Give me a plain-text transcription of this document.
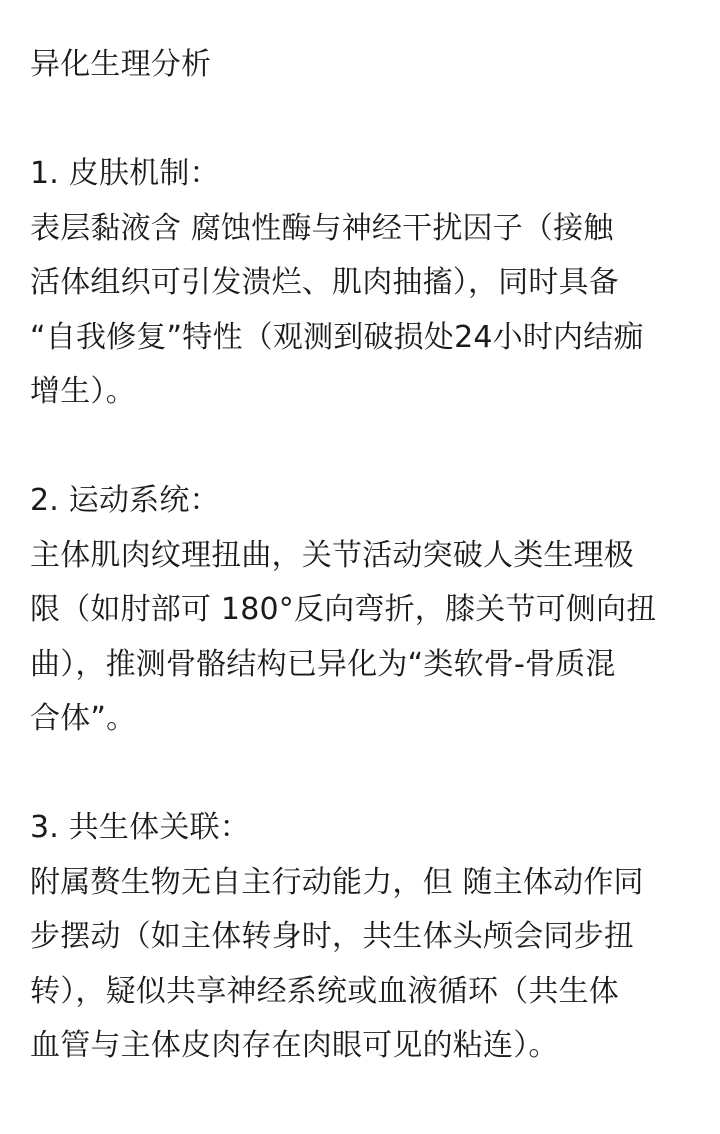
异化生理分析
1. 皮肤机制：
表层黏液含 腐蚀性酶与神经干扰因子（接触
活体组织可引发溃烂、肌肉抽搐），同时具备
“自我修复”特性（观测到破损处24小时内结痂
增生）。
2. 运动系统：
主体肌肉纹理扭曲，关节活动突破人类生理极
限（如肘部可 180°反向弯折，膝关节可侧向扭
曲），推测骨骼结构已异化为“类软骨-骨质混
合体”。
3. 共生体关联：
附属赘生物无自主行动能力，但 随主体动作同
步摆动（如主体转身时，共生体头颅会同步扭
转），疑似共享神经系统或血液循环（共生体
血管与主体皮肉存在肉眼可见的粘连）。
